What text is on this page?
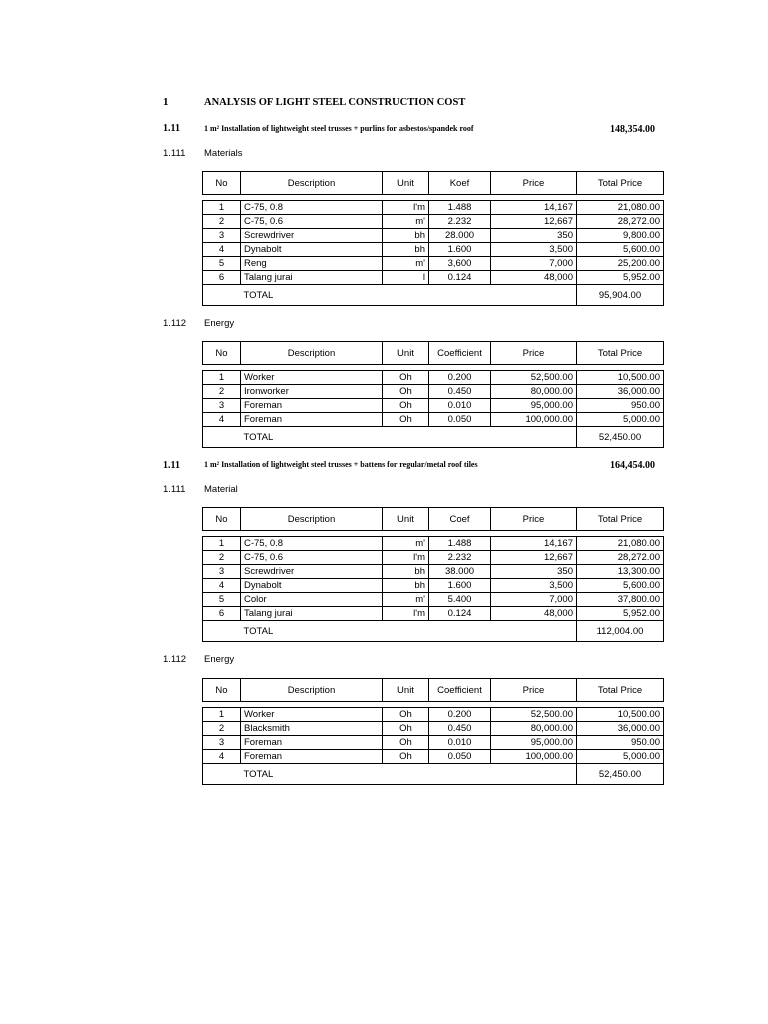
1	ANALYSIS OF LIGHT STEEL CONSTRUCTION COST
1.11	1 m² Installation of lightweight steel trusses + purlins for asbestos/spandek roof	148,354.00
1.111 Materials
No	Description	Unit	Koef	Price	Total Price

1	C-75, 0.8	l'm	1.488	14,167	21,080.00
2	C-75, 0.6	m'	2.232	12,667	28,272.00
3	Screwdriver	bh	28.000	350	9,800.00
4	Dynabolt	bh	1.600	3,500	5,600.00
5	Reng	m'	3,600	7,000	25,200.00
6	Talang jurai	l	0.124	48,000	5,952.00
	TOTAL				95,904.00
1.112 Energy
No	Description	Unit	Coefficient	Price	Total Price

1	Worker	Oh	0.200	52,500.00	10,500.00
2	Ironworker	Oh	0.450	80,000.00	36,000.00
3	Foreman	Oh	0.010	95,000.00	950.00
4	Foreman	Oh	0.050	100,000.00	5,000.00
	TOTAL				52,450.00
1.11	1 m² Installation of lightweight steel trusses + battens for regular/metal roof tiles	164,454.00
1.111 Material
No	Description	Unit	Coef	Price	Total Price

1	C-75, 0.8	m'	1.488	14,167	21,080.00
2	C-75, 0.6	l'm	2.232	12,667	28,272.00
3	Screwdriver	bh	38.000	350	13,300.00
4	Dynabolt	bh	1.600	3,500	5,600.00
5	Color	m'	5.400	7,000	37,800.00
6	Talang jurai	l'm	0.124	48,000	5,952.00
	TOTAL				112,004.00
1.112 Energy
No	Description	Unit	Coefficient	Price	Total Price

1	Worker	Oh	0.200	52,500.00	10,500.00
2	Blacksmith	Oh	0.450	80,000.00	36,000.00
3	Foreman	Oh	0.010	95,000.00	950.00
4	Foreman	Oh	0.050	100,000.00	5,000.00
	TOTAL				52,450.00
